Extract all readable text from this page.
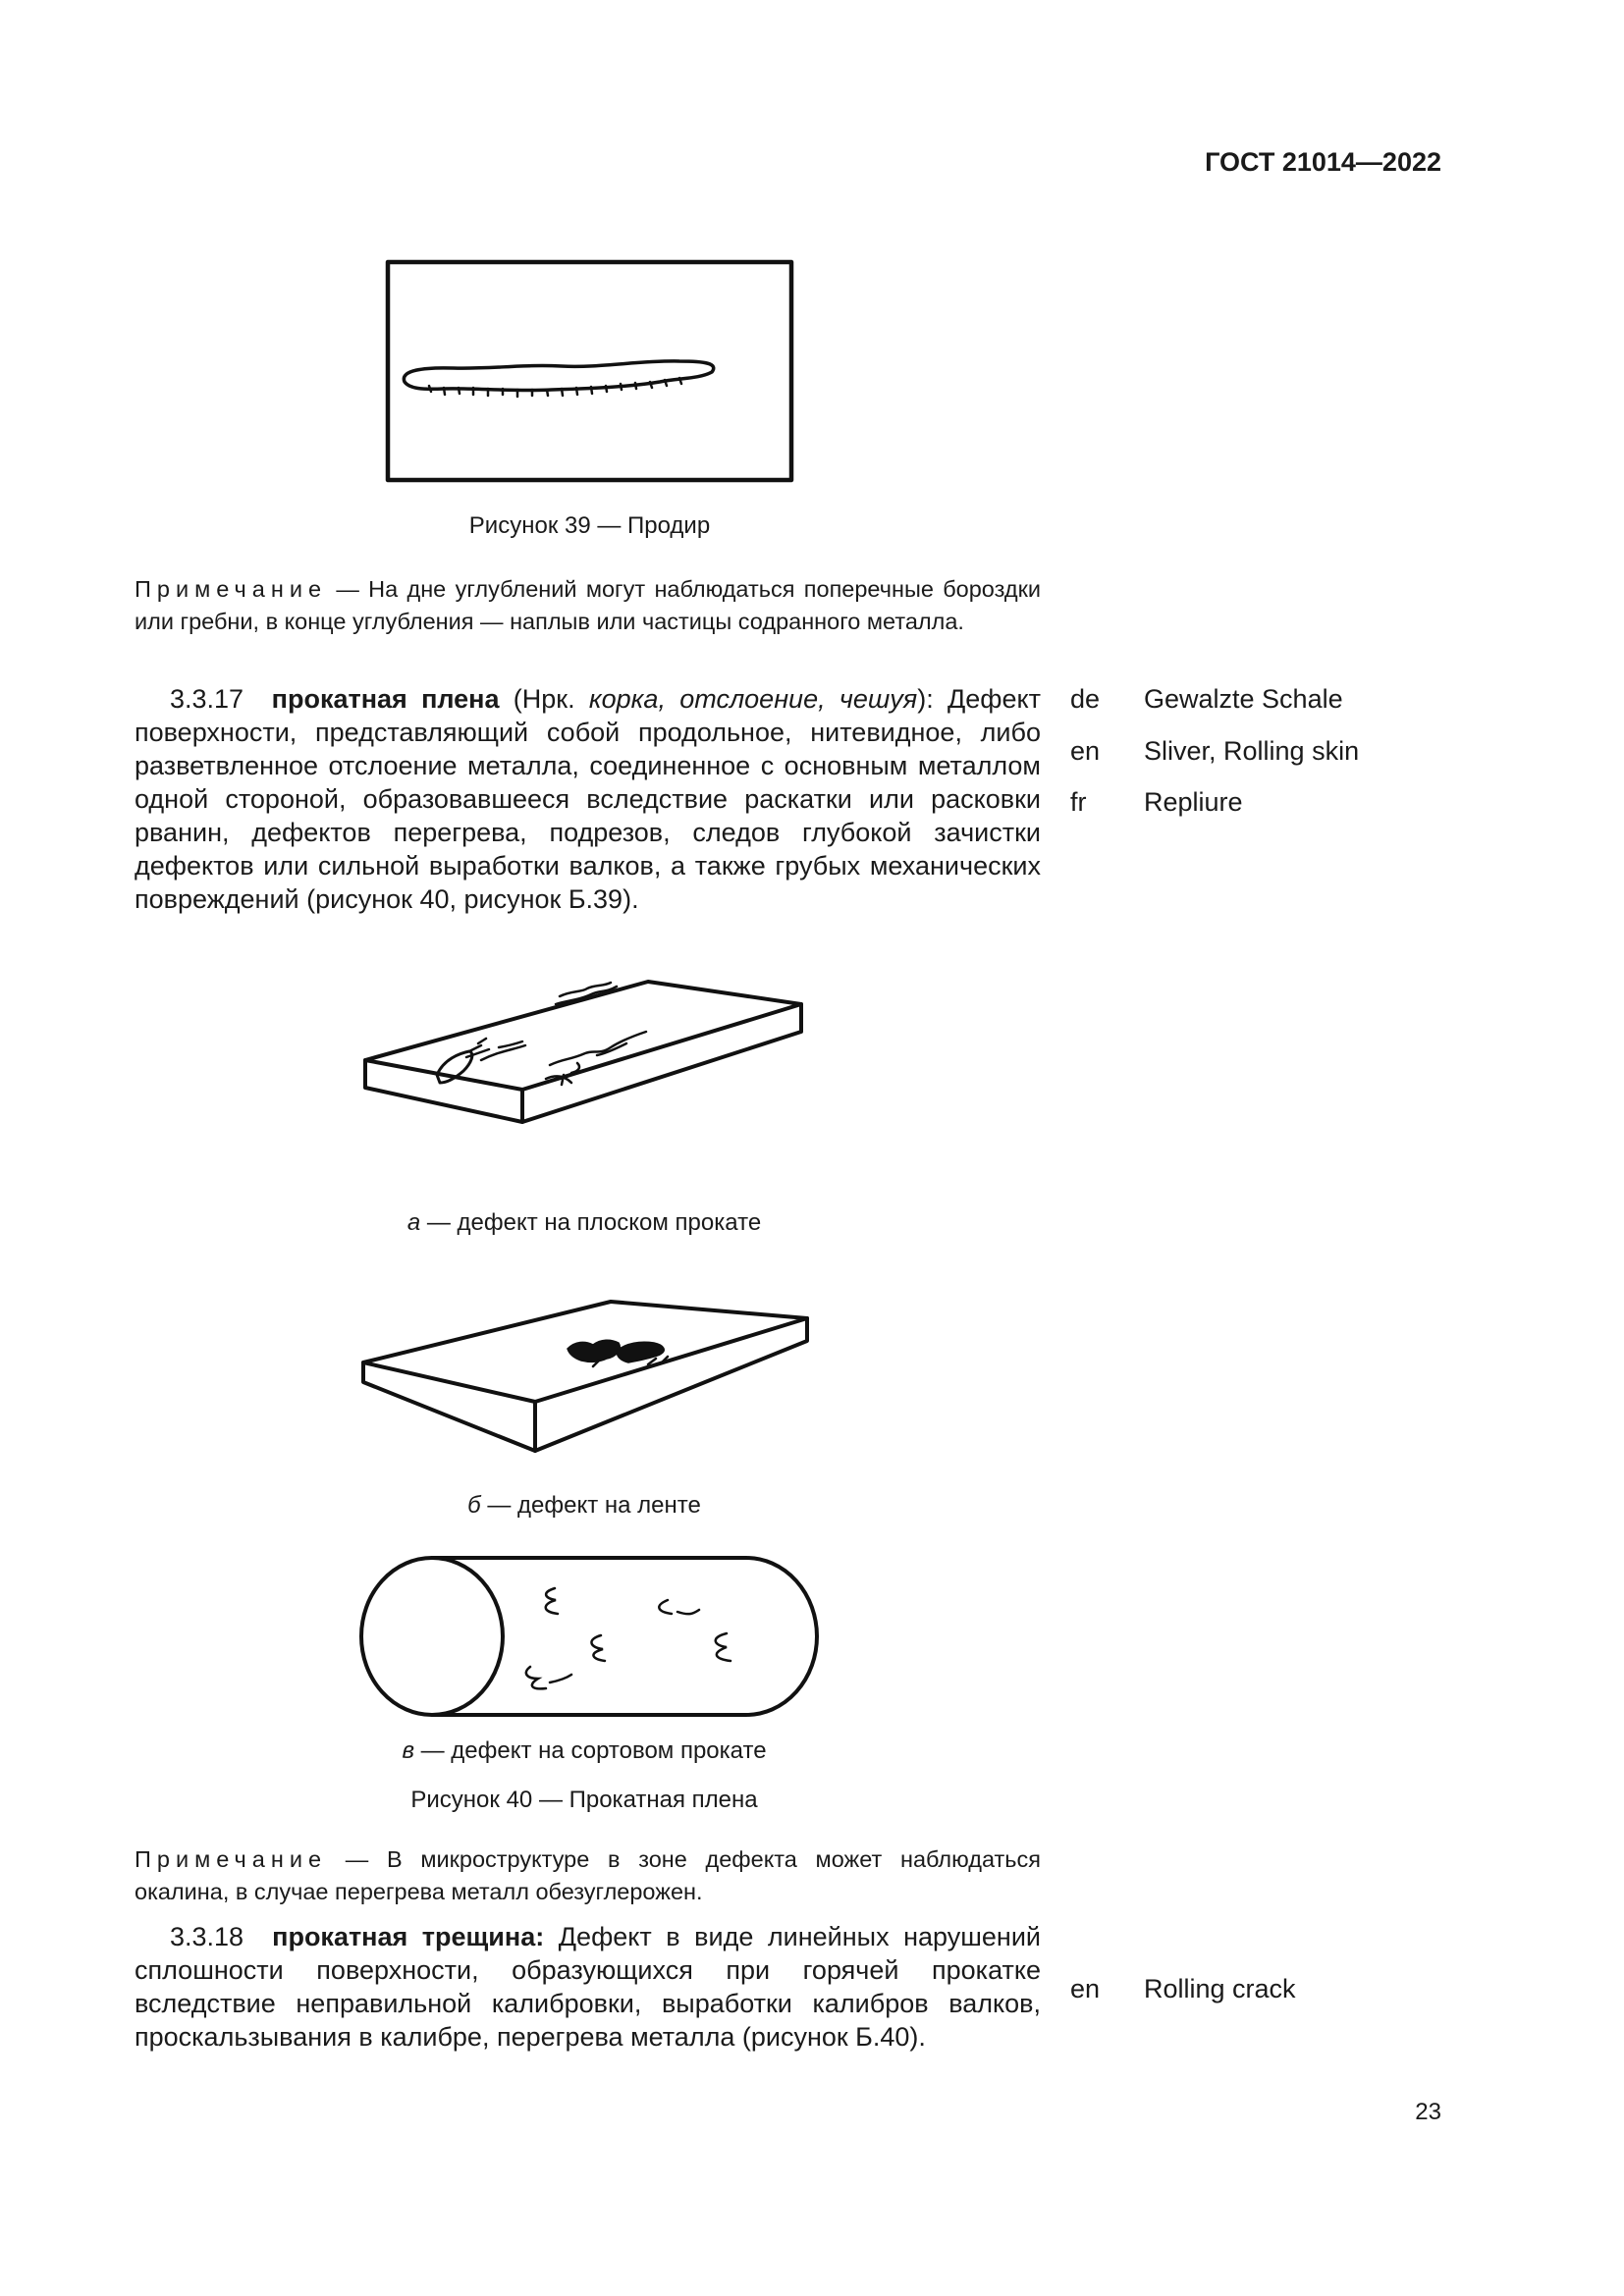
ГОСТ 21014—2022
Рисунок 39 — Продир
Примечание — На дне углублений могут наблюдаться поперечные бороздки или гребни, в конце углубления — наплыв или частицы содранного металла.
3.3.17 прокатная плена (Нрк. корка, отслоение, чешуя): Дефект поверхности, представляющий собой продольное, нитевидное, либо разветвленное отслоение металла, соединенное с основным металлом одной стороной, образовавшееся вследствие раскатки или расковки рванин, дефектов перегрева, подрезов, следов глубокой зачистки дефектов или сильной выработки валков, а также грубых механических повреждений (рисунок 40, рисунок Б.39).
de Gewalzte Schale
en Sliver, Rolling skin
fr Repliure
а — дефект на плоском прокате
б — дефект на ленте
в — дефект на сортовом прокате
Рисунок 40 — Прокатная плена
Примечание — В микроструктуре в зоне дефекта может наблюдаться окалина, в случае перегрева металл обезуглерожен.
3.3.18 прокатная трещина: Дефект в виде линейных нарушений сплошности поверхности, образующихся при горячей прокатке вследствие неправильной калибровки, выработки калибров валков, проскальзывания в калибре, перегрева металла (рисунок Б.40).
en Rolling crack
23
